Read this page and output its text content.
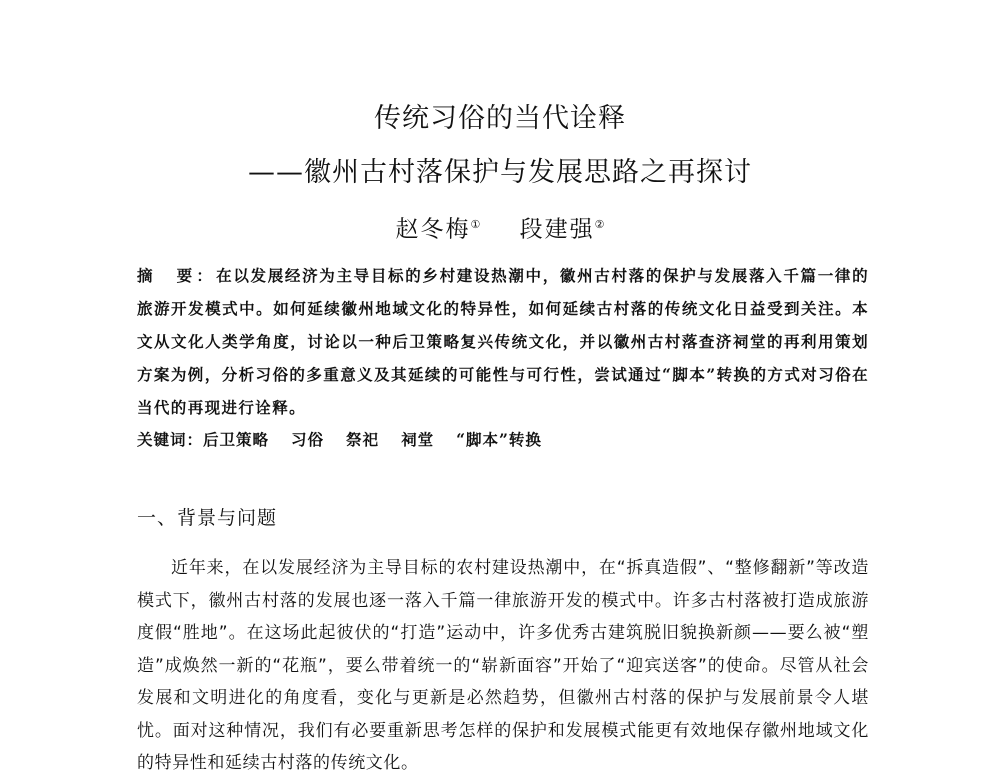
传统习俗的当代诠释
——徽州古村落保护与发展思路之再探讨
赵冬梅① 段建强②
摘　要：在以发展经济为主导目标的乡村建设热潮中，徽州古村落的保护与发展落入千篇一律的旅游开发模式中。如何延续徽州地域文化的特异性，如何延续古村落的传统文化日益受到关注。本文从文化人类学角度，讨论以一种后卫策略复兴传统文化，并以徽州古村落查济祠堂的再利用策划方案为例，分析习俗的多重意义及其延续的可能性与可行性，尝试通过“脚本”转换的方式对习俗在当代的再现进行诠释。
关键词：后卫策略 习俗 祭祀 祠堂 “脚本”转换
一、背景与问题
近年来，在以发展经济为主导目标的农村建设热潮中，在“拆真造假”、“整修翻新”等改造模式下，徽州古村落的发展也逐一落入千篇一律旅游开发的模式中。许多古村落被打造成旅游度假“胜地”。在这场此起彼伏的“打造”运动中，许多优秀古建筑脱旧貌换新颜——要么被“塑造”成焕然一新的“花瓶”，要么带着统一的“崭新面容”开始了“迎宾送客”的使命。尽管从社会发展和文明进化的角度看，变化与更新是必然趋势，但徽州古村落的保护与发展前景令人堪忧。面对这种情况，我们有必要重新思考怎样的保护和发展模式能更有效地保存徽州地域文化的特异性和延续古村落的传统文化。
